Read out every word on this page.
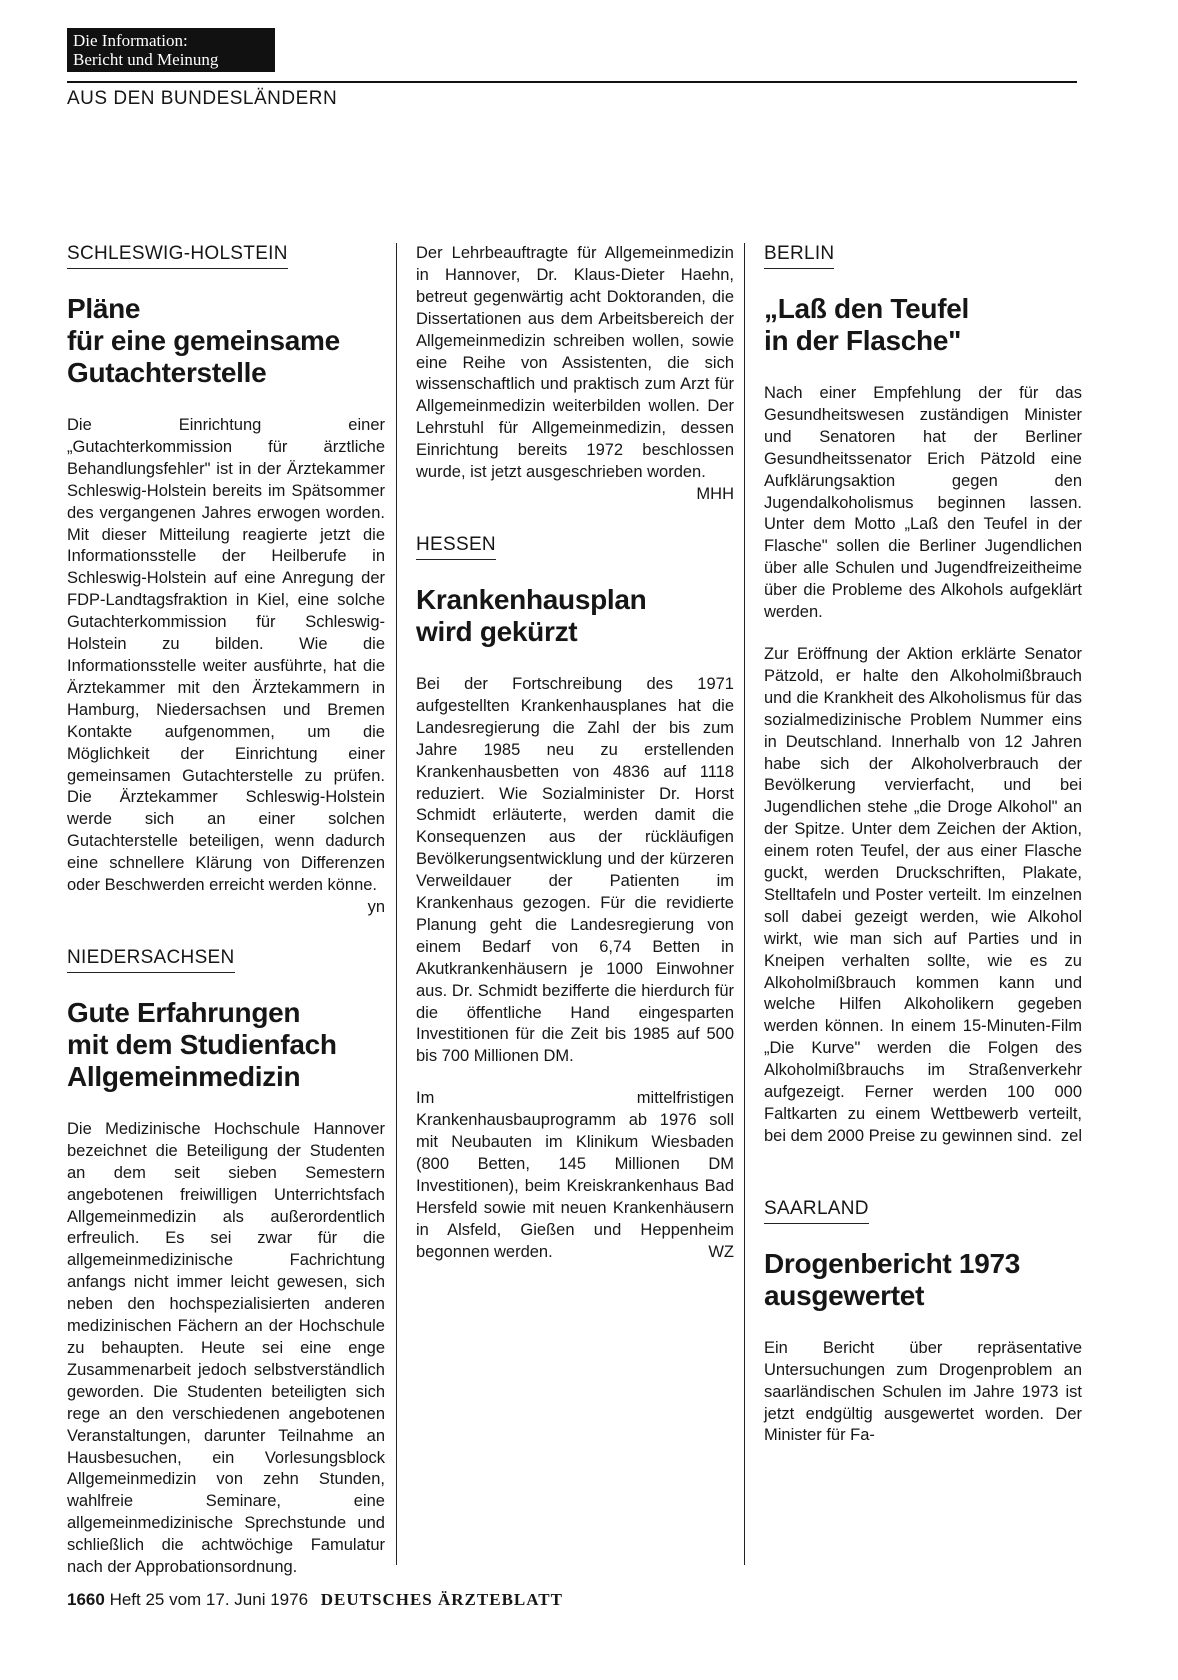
Die Information:
Bericht und Meinung
AUS DEN BUNDESLÄNDERN
SCHLESWIG-HOLSTEIN
Pläne
für eine gemeinsame
Gutachterstelle

Die Einrichtung einer „Gutachterkommission für ärztliche Behandlungsfehler" ist in der Ärztekammer Schleswig-Holstein bereits im Spätsommer des vergangenen Jahres erwogen worden. Mit dieser Mitteilung reagierte jetzt die Informationsstelle der Heilberufe in Schleswig-Holstein auf eine Anregung der FDP-Landtagsfraktion in Kiel, eine solche Gutachterkommission für Schleswig-Holstein zu bilden. Wie die Informationsstelle weiter ausführte, hat die Ärztekammer mit den Ärztekammern in Hamburg, Niedersachsen und Bremen Kontakte aufgenommen, um die Möglichkeit der Einrichtung einer gemeinsamen Gutachterstelle zu prüfen. Die Ärztekammer Schleswig-Holstein werde sich an einer solchen Gutachterstelle beteiligen, wenn dadurch eine schnellere Klärung von Differenzen oder Beschwerden erreicht werden könne.
yn

NIEDERSACHSEN
Gute Erfahrungen
mit dem Studienfach
Allgemeinmedizin

Die Medizinische Hochschule Hannover bezeichnet die Beteiligung der Studenten an dem seit sieben Semestern angebotenen freiwilligen Unterrichtsfach Allgemeinmedizin als außerordentlich erfreulich. Es sei zwar für die allgemeinmedizinische Fachrichtung anfangs nicht immer leicht gewesen, sich neben den hochspezialisierten anderen medizinischen Fächern an der Hochschule zu behaupten. Heute sei eine enge Zusammenarbeit jedoch selbstverständlich geworden. Die Studenten beteiligten sich rege an den verschiedenen angebotenen Veranstaltungen, darunter Teilnahme an Hausbesuchen, ein Vorlesungsblock Allgemeinmedizin von zehn Stunden, wahlfreie Seminare, eine allgemeinmedizinische Sprechstunde und schließlich die achtwöchige Famulatur nach der Approbationsordnung.

Der Lehrbeauftragte für Allgemeinmedizin in Hannover, Dr. Klaus-Dieter Haehn, betreut gegenwärtig acht Doktoranden, die Dissertationen aus dem Arbeitsbereich der Allgemeinmedizin schreiben wollen, sowie eine Reihe von Assistenten, die sich wissenschaftlich und praktisch zum Arzt für Allgemeinmedizin weiterbilden wollen. Der Lehrstuhl für Allgemeinmedizin, dessen Einrichtung bereits 1972 beschlossen wurde, ist jetzt ausgeschrieben worden.
MHH

HESSEN
Krankenhausplan
wird gekürzt

Bei der Fortschreibung des 1971 aufgestellten Krankenhausplanes hat die Landesregierung die Zahl der bis zum Jahre 1985 neu zu erstellenden Krankenhausbetten von 4836 auf 1118 reduziert. Wie Sozialminister Dr. Horst Schmidt erläuterte, werden damit die Konsequenzen aus der rückläufigen Bevölkerungsentwicklung und der kürzeren Verweildauer der Patienten im Krankenhaus gezogen. Für die revidierte Planung geht die Landesregierung von einem Bedarf von 6,74 Betten in Akutkrankenhäusern je 1000 Einwohner aus. Dr. Schmidt bezifferte die hierdurch für die öffentliche Hand eingesparten Investitionen für die Zeit bis 1985 auf 500 bis 700 Millionen DM.

Im mittelfristigen Krankenhausbauprogramm ab 1976 soll mit Neubauten im Klinikum Wiesbaden (800 Betten, 145 Millionen DM Investitionen), beim Kreiskrankenhaus Bad Hersfeld sowie mit neuen Krankenhäusern in Alsfeld, Gießen und Heppenheim begonnen werden.	WZ

BERLIN
„Laß den Teufel
in der Flasche"

Nach einer Empfehlung der für das Gesundheitswesen zuständigen Minister und Senatoren hat der Berliner Gesundheitssenator Erich Pätzold eine Aufklärungsaktion gegen den Jugendalkoholismus beginnen lassen. Unter dem Motto „Laß den Teufel in der Flasche" sollen die Berliner Jugendlichen über alle Schulen und Jugendfreizeitheime über die Probleme des Alkohols aufgeklärt werden.

Zur Eröffnung der Aktion erklärte Senator Pätzold, er halte den Alkoholmißbrauch und die Krankheit des Alkoholismus für das sozialmedizinische Problem Nummer eins in Deutschland. Innerhalb von 12 Jahren habe sich der Alkoholverbrauch der Bevölkerung vervierfacht, und bei Jugendlichen stehe „die Droge Alkohol" an der Spitze. Unter dem Zeichen der Aktion, einem roten Teufel, der aus einer Flasche guckt, werden Druckschriften, Plakate, Stelltafeln und Poster verteilt. Im einzelnen soll dabei gezeigt werden, wie Alkohol wirkt, wie man sich auf Parties und in Kneipen verhalten sollte, wie es zu Alkoholmißbrauch kommen kann und welche Hilfen Alkoholikern gegeben werden können. In einem 15-Minuten-Film „Die Kurve" werden die Folgen des Alkoholmißbrauchs im Straßenverkehr aufgezeigt. Ferner werden 100 000 Faltkarten zu einem Wettbewerb verteilt, bei dem 2000 Preise zu gewinnen sind. zel

SAARLAND
Drogenbericht 1973
ausgewertet

Ein Bericht über repräsentative Untersuchungen zum Drogenproblem an saarländischen Schulen im Jahre 1973 ist jetzt endgültig ausgewertet worden. Der Minister für Fa-

1660 Heft 25 vom 17. Juni 1976 DEUTSCHES ÄRZTEBLATT
